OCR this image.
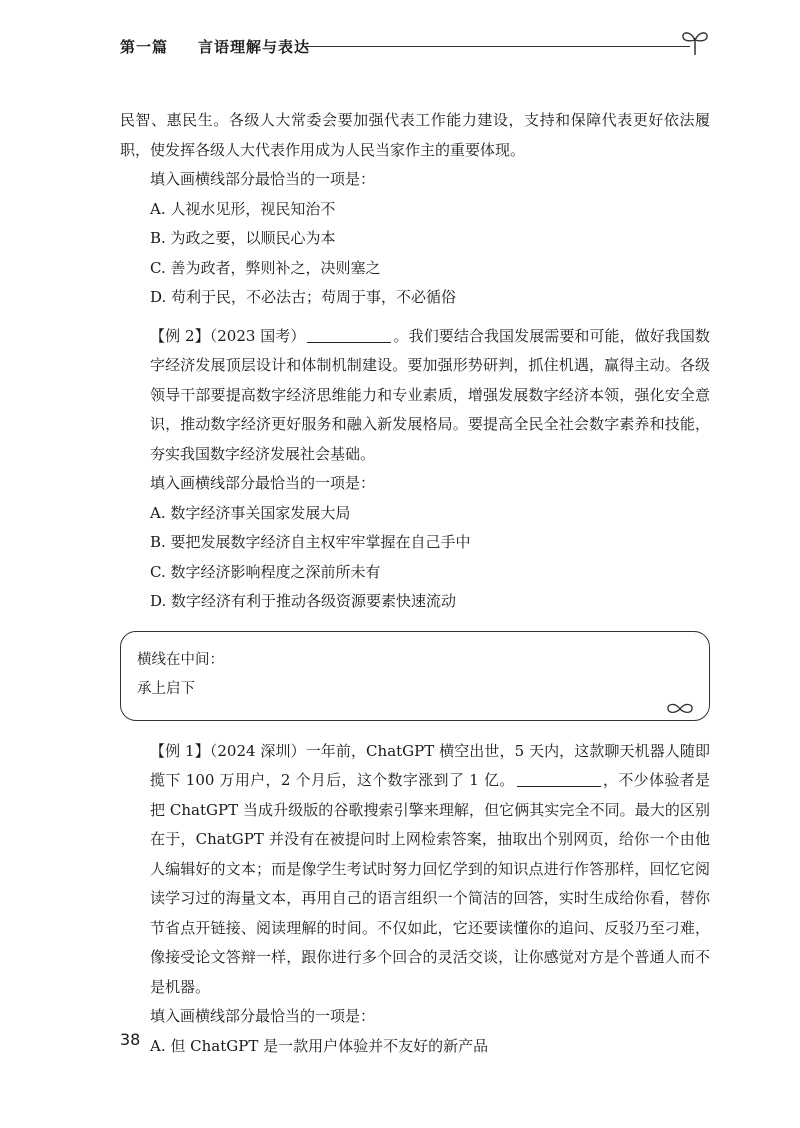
第一篇 言语理解与表达

民智、惠民生。各级人大常委会要加强代表工作能力建设，支持和保障代表更好依法履职，使发挥各级人大代表作用成为人民当家作主的重要体现。

填入画横线部分最恰当的一项是：

A. 人视水见形，视民知治不

B. 为政之要，以顺民心为本

C. 善为政者，弊则补之，决则塞之

D. 苟利于民，不必法古；苟周于事，不必循俗

【例 2】（2023 国考）	。我们要结合我国发展需要和可能，做好我国数字经济发展顶层设计和体制机制建设。要加强形势研判，抓住机遇，赢得主动。各级领导干部要提高数字经济思维能力和专业素质，增强发展数字经济本领，强化安全意识，推动数字经济更好服务和融入新发展格局。要提高全民全社会数字素养和技能，夯实我国数字经济发展社会基础。

填入画横线部分最恰当的一项是：

A. 数字经济事关国家发展大局

B. 要把发展数字经济自主权牢牢掌握在自己手中

C. 数字经济影响程度之深前所未有

D. 数字经济有利于推动各级资源要素快速流动

横线在中间：
承上启下

【例 1】（2024 深圳）一年前，ChatGPT 横空出世，5 天内，这款聊天机器人随即揽下 100 万用户，2 个月后，这个数字涨到了 1 亿。	，不少体验者是把 ChatGPT 当成升级版的谷歌搜索引擎来理解，但它俩其实完全不同。最大的区别在于，ChatGPT 并没有在被提问时上网检索答案，抽取出个别网页，给你一个由他人编辑好的文本；而是像学生考试时努力回忆学到的知识点进行作答那样，回忆它阅读学习过的海量文本，再用自己的语言组织一个简洁的回答，实时生成给你看，替你节省点开链接、阅读理解的时间。不仅如此，它还要读懂你的追问、反驳乃至刁难，像接受论文答辩一样，跟你进行多个回合的灵活交谈，让你感觉对方是个普通人而不是机器。

填入画横线部分最恰当的一项是：

A. 但 ChatGPT 是一款用户体验并不友好的新产品

38
